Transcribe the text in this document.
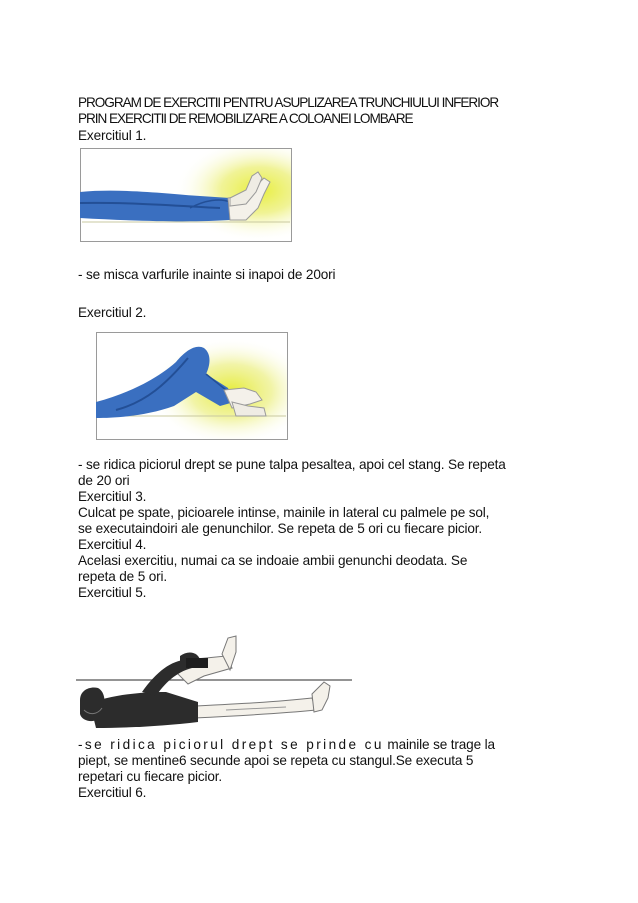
PROGRAM DE EXERCITII PENTRU ASUPLIZAREA TRUNCHIULUI INFERIOR
PRIN EXERCITII DE REMOBILIZARE A COLOANEI LOMBARE
Exercitiul 1.
- se misca varfurile inainte si inapoi de 20ori
Exercitiul 2.
- se ridica piciorul drept se pune talpa pesaltea, apoi cel stang. Se repeta
de 20 ori
Exercitiul 3.
Culcat pe spate, picioarele intinse, mainile in lateral cu palmele pe sol,
se executaindoiri ale genunchilor. Se repeta de 5 ori cu fiecare picior.
Exercitiul 4.
Acelasi exercitiu, numai ca se indoaie ambii genunchi deodata. Se
repeta de 5 ori.
Exercitiul 5.
-se ridica piciorul drept se prinde cu mainile se trage la
piept, se mentine6 secunde apoi se repeta cu stangul.Se executa 5
repetari cu fiecare picior.
Exercitiul 6.
